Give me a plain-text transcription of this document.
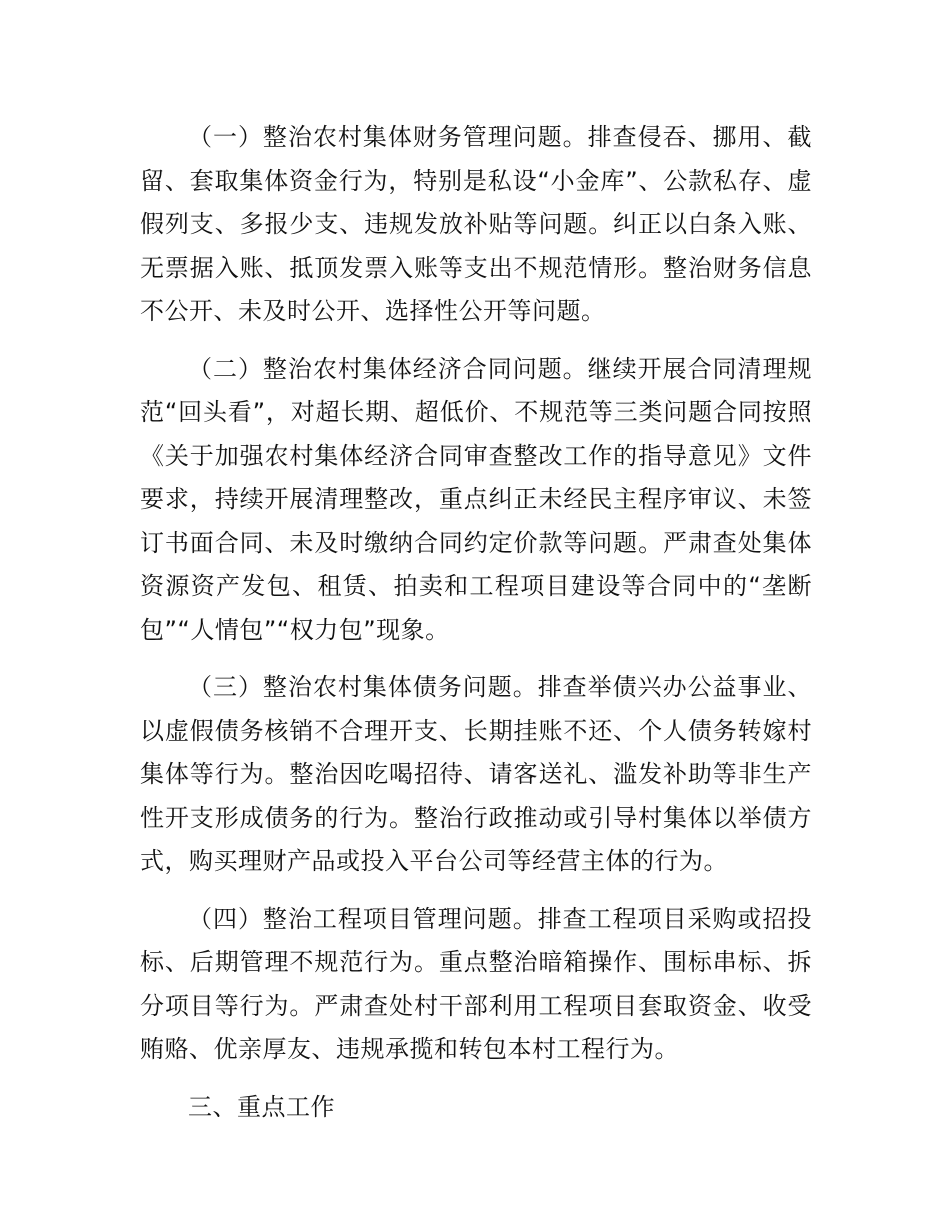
（一）整治农村集体财务管理问题。排查侵吞、挪用、截留、套取集体资金行为，特别是私设“小金库”、公款私存、虚假列支、多报少支、违规发放补贴等问题。纠正以白条入账、无票据入账、抵顶发票入账等支出不规范情形。整治财务信息不公开、未及时公开、选择性公开等问题。

（二）整治农村集体经济合同问题。继续开展合同清理规范“回头看”，对超长期、超低价、不规范等三类问题合同按照《关于加强农村集体经济合同审查整改工作的指导意见》文件要求，持续开展清理整改，重点纠正未经民主程序审议、未签订书面合同、未及时缴纳合同约定价款等问题。严肃查处集体资源资产发包、租赁、拍卖和工程项目建设等合同中的“垄断包”“人情包”“权力包”现象。

（三）整治农村集体债务问题。排查举债兴办公益事业、以虚假债务核销不合理开支、长期挂账不还、个人债务转嫁村集体等行为。整治因吃喝招待、请客送礼、滥发补助等非生产性开支形成债务的行为。整治行政推动或引导村集体以举债方式，购买理财产品或投入平台公司等经营主体的行为。

（四）整治工程项目管理问题。排查工程项目采购或招投标、后期管理不规范行为。重点整治暗箱操作、围标串标、拆分项目等行为。严肃查处村干部利用工程项目套取资金、收受贿赂、优亲厚友、违规承揽和转包本村工程行为。

三、重点工作
